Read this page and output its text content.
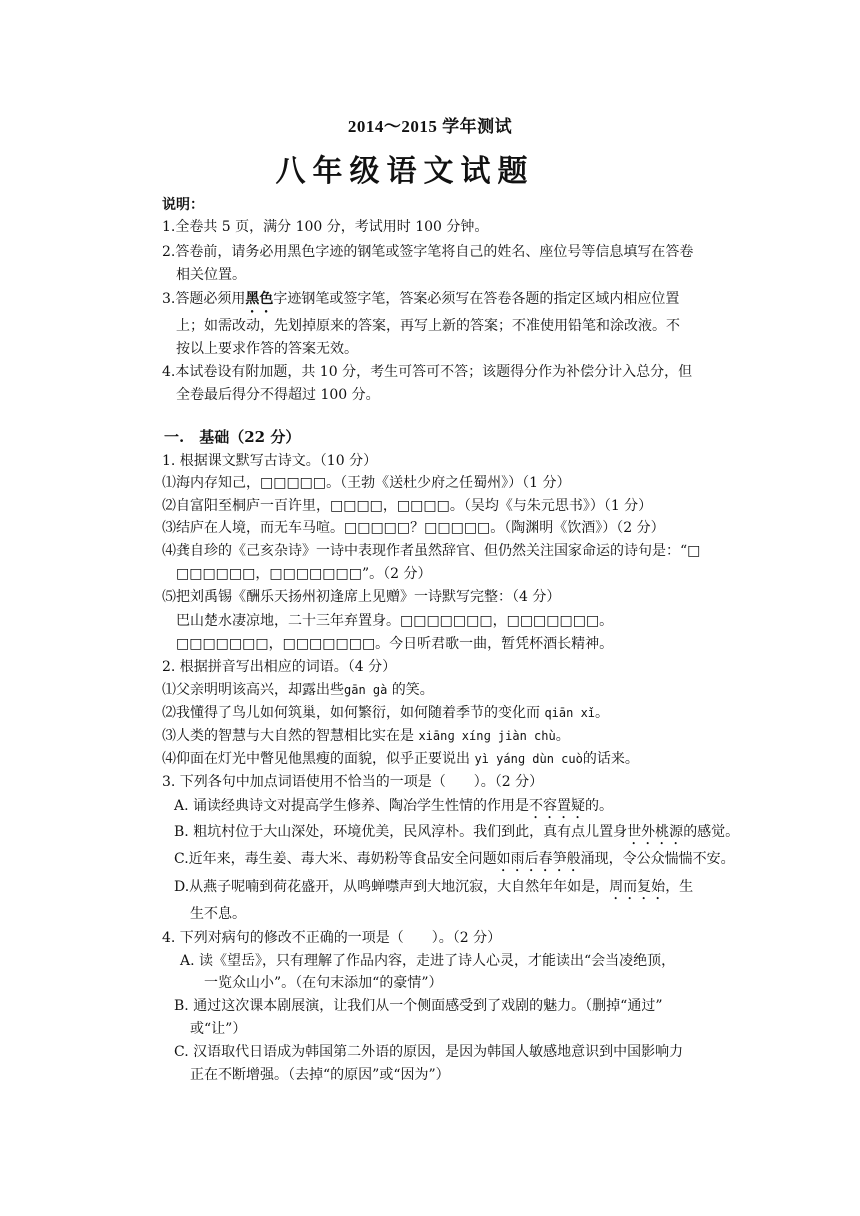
2014～2015 学年测试
八年级语文试题
说明：
1.全卷共 5 页，满分 100 分，考试用时 100 分钟。
2.答卷前，请务必用黑色字迹的钢笔或签字笔将自己的姓名、座位号等信息填写在答卷
相关位置。
3.答题必须用黑色字迹钢笔或签字笔，答案必须写在答卷各题的指定区域内相应位置
上；如需改动，先划掉原来的答案，再写上新的答案；不准使用铅笔和涂改液。不
按以上要求作答的答案无效。
4.本试卷设有附加题，共 10 分，考生可答可不答；该题得分作为补偿分计入总分，但
全卷最后得分不得超过 100 分。
一.　基础（22 分）
1. 根据课文默写古诗文。（10 分）
⑴海内存知己，□□□□□。（王勃《送杜少府之任蜀州》）（1 分）
⑵自富阳至桐庐一百许里，□□□□，□□□□。（吴均《与朱元思书》）（1 分）
⑶结庐在人境，而无车马喧。□□□□□？□□□□□。（陶渊明《饮酒》）（2 分）
⑷龚自珍的《己亥杂诗》一诗中表现作者虽然辞官、但仍然关注国家命运的诗句是：“□
□□□□□□，□□□□□□□”。（2 分）
⑸把刘禹锡《酬乐天扬州初逢席上见赠》一诗默写完整：（4 分）
巴山楚水凄凉地，二十三年弃置身。□□□□□□□，□□□□□□□。
□□□□□□□，□□□□□□□。今日听君歌一曲，暂凭杯酒长精神。
2. 根据拼音写出相应的词语。（4 分）
⑴父亲明明该高兴，却露出些gān gà 的笑。
⑵我懂得了鸟儿如何筑巢，如何繁衍，如何随着季节的变化而 qiān xǐ。
⑶人类的智慧与大自然的智慧相比实在是 xiānɡ xínɡ jiàn chù。
⑷仰面在灯光中瞥见他黑瘦的面貌，似乎正要说出 yì yánɡ dùn cuò的话来。
3. 下列各句中加点词语使用不恰当的一项是（　　）。（2 分）
A. 诵读经典诗文对提高学生修养、陶冶学生性情的作用是不容置疑的。
B. 粗坑村位于大山深处，环境优美，民风淳朴。我们到此，真有点儿置身世外桃源的感觉。
C.近年来，毒生姜、毒大米、毒奶粉等食品安全问题如雨后春笋般涌现，令公众惴惴不安。
D.从燕子呢喃到荷花盛开，从鸣蝉噤声到大地沉寂，大自然年年如是，周而复始，生
生不息。
4. 下列对病句的修改不正确的一项是（　　）。（2 分）
A. 读《望岳》，只有理解了作品内容，走进了诗人心灵，才能读出“会当凌绝顶，
一览众山小”。（在句末添加“的豪情”）
B. 通过这次课本剧展演，让我们从一个侧面感受到了戏剧的魅力。（删掉“通过”
或“让”）
C. 汉语取代日语成为韩国第二外语的原因，是因为韩国人敏感地意识到中国影响力
正在不断增强。（去掉“的原因”或“因为”）
